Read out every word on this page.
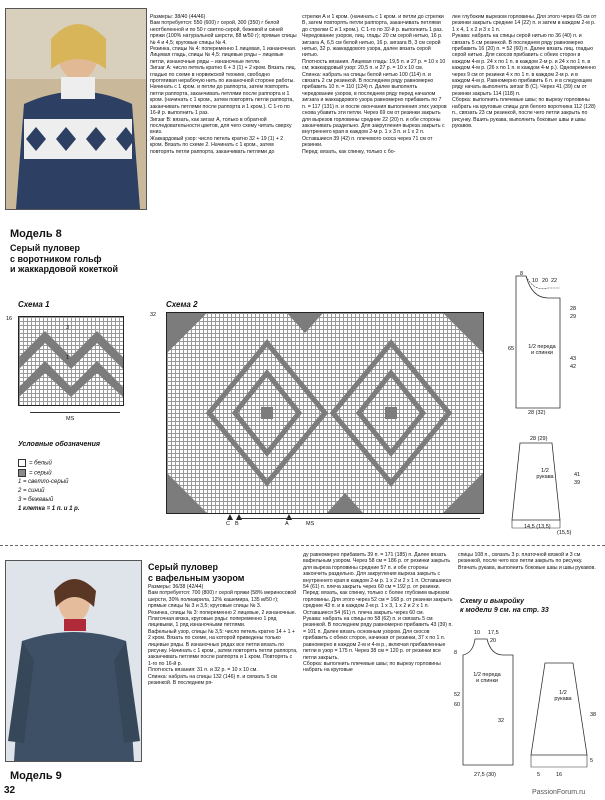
Модель 8
Серый пуловер
с воротником гольф
и жаккардовой кокеткой
Размеры: 38/40 (44/46)
Вам потребуется: 550 (600) г серой, 300 (350) г белой неотбеленной и по 50 г светло-серой, бежевой и синей пряжи (100% натуральной шерсти, 88 м/50 г); прямые спицы № 4 и 4,5; круговые спицы № 4.
Резинка, спицы № 4: попеременно 1 лицевая, 1 изнаночная.
Лицевая гладь, спицы № 4,5: лицевые ряды – лицевые петли, изнаночные ряды – изнаночные петли.
Зигзаг А: число петель кратно 6 + 3 (1) + 2 кром. Вязать лиц. гладью по схеме в норвежской технике, свободно протягивая нерабочую нить по изнаночной стороне работы. Начинать с 1 кром. и петли до раппорта, затем повторять петли раппорта, заканчивать петлями после раппорта и 1 кром. (начинать с 1 кром., затем повторять петли раппорта, заканчивать петлями после раппорта и 1 кром.). С 1-го по 16-й р. выполнить 1 раз.
Зигзаг В: вязать, как зигзаг А, только в обратной последовательности цветов, для чего схему читать сверху вниз.
Жаккардовый узор: число петель кратно 32 + 19 (1) + 2 кром. Вязать по схеме 2. Начинать с 1 кром., затем повторять петли раппорта, заканчивать петлями до
стрелки А и 1 кром. (начинать с 1 кром. и петли до стрелки В, затем повторять петли раппорта, заканчивать петлями до стрелки С и 1 кром.). С 1-го по 32-й р. выполнить 1 раз.
Чередование узоров, лиц. гладь: 20 см серой нитью, 16 р. зигзага А, 6,5 см белой нитью, 16 р. зигзага В, 3 см серой нитью, 32 р. жаккардового узора, далее вязать серой нитью.
Плотность вязания. Лицевая гладь: 19,5 п. и 27 р. = 10 х 10 см; жаккардовый узор: 20,5 п. и 27 р. = 10 х 10 см.
Спинка: набрать на спицы белой нитью 100 (114) п. и связать 2 см резинкой. В последнем ряду равномерно прибавить 10 п. = 110 (124) п. Далее выполнять чередование узоров, в последнем ряду перед началом зигзага и жаккардового узора равномерно прибавить по 7 п. = 117 (131) п. и после окончания выполнения этих узоров снова убавить эти петли. Через 69 см от резинки закрыть для вырезов горловины средние 22 (20) п. и обе стороны заканчивать раздельно. Для закругления выреза закрыть с внутреннего края в каждом 2-м р. 1 х 3 п. и 1 х 2 п. Оставшиеся 39 (42) п. плечевого скоса через 71 см от резинки.
Перед: вязать, как спинку, только с бо-
лее глубоким вырезом горловины. Для этого через 65 см от резинки закрыть средние 14 (22) п. и затем в каждом 2-м р. 1 х 4, 1 х 2 и 3 х 1 п.
Рукава: набрать на спицы серой нитью по 36 (40) п. и связать 5 см резинкой. В последнем ряду равномерно прибавить 16 (20) п. = 52 (60) п. Далее вязать лиц. гладью серой нитью. Для скосов прибавить с обеих сторон в каждом 4-м р. 24 х по 1 п. в каждом 2-м р. и 24 х по 1 п. в каждом 4-м р. (26 х по 1 п. в каждом 4-м р.). Одновременно через 9 см от резинки 4 х по 1 п. в каждом 2-м р. и в каждом 4-м р. Равномерно прибавить 6 п. и в следующем ряду начать выполнять зигзаг В (С). Через 41 (39) см от резинки закрыть 114 (118) п.
Сборка: выполнить плечевые швы; по вырезу горловины набрать на круговые спицы для белого воротника 112 (128) п., связать 23 см резинкой, после чего петли закрыть по рисунку. Вшить рукава, выполнить боковые швы и швы рукавов.
Схема 1
16
3
1
MS
Условные обозначения
= белый
= серый
1 = светло-серый
2 = синий
3 = бежевый
1 клетка = 1 п. и 1 р.
Схема 2
32
C B	A	MS
8
10 20 22
65
28
29
43
42
1/2 переда
и спинки
28 (32)
28 (29)
1/2
рукава	41
39
14,5 (13,5)
(15,5)
Модель 9
Серый пуловер
с вафельным узором
Размеры: 36/38 (42/44)
Вам потребуется: 700 (800) г серой пряжи (58% мериносовой шерсти, 30% полиакрила, 12% кашемира, 135 м/50 г); прямые спицы № 3 и 3,5; круговые спицы № 3.
Резинка, спицы № 3: попеременно 2 лицевые, 2 изнаночные.
Платочная вязка, круговые ряды: попеременно 1 ряд лицевыми, 1 ряд изнаночными петлями.
Вафельный узор, спицы № 3,5: число петель кратно 14 + 1 + 2 кром. Вязать по схеме, на которой приведены только лицевые ряды. В изнаночных рядах все петли вязать по рисунку. Начинать с 1 кром., затем повторять петли раппорта, заканчивать петлями после раппорта и 1 кром. Повторять с 1-го по 16-й р.
Плотность вязания: 31 п. и 32 р. = 10 х 10 см.
Спинка: набрать на спицы 132 (146) п. и связать 5 см резинкой. В последнем ря-
ду равномерно прибавить 39 п. = 171 (185) п. Далее вязать вафельным узором. Через 58 см = 186 р. от резинки закрыть для выреза горловины средние 57 п. и обе стороны закончить раздельно. Для закругления выреза закрыть с внутреннего края в каждом 2-м р. 1 х 2 и 2 х 1 п. Оставшиеся 54 (61) п. плеча закрыть через 60 см = 192 р. от резинки.
Перед: вязать, как спинку, только с более глубоким вырезом горловины. Для этого через 52 см = 168 р. от резинки закрыть средние 43 п. и в каждом 2-м р. 1 х 3, 1 х 2 и 2 х 1 п. Оставшиеся 54 (61) п. плеча закрыть через 60 см.
Рукава: набрать на спицы по 58 (62) п. и связать 5 см резинкой. В последнем ряду равномерно прибавить 43 (39) п. = 101 п. Далее вязать основным узором. Для скосов прибавить с обеих сторон, начиная от резинки, 37 х по 1 п. равномерно в каждом 2-м и 4-м р., включая прибавленные петли в узор = 175 п. Через 38 см = 120 р. от резинки все петли закрыть.
Сборка: выполнить плечевые швы; по вырезу горловины набрать на круговые
спицы 108 п., связать 3 р. платочной вязкой и 3 см резинкой, после чего все петли закрыть по рисунку. Втачать рукава, выполнить боковые швы и швы рукавов.
Схему и выкройку
к модели 9 см. на стр. 33
10 17,5
20
8
52
60
1/2 переда
и спинки
32
27,5 (30)
1/2
рукава
38
5
16
5
32	PassionForum.ru
